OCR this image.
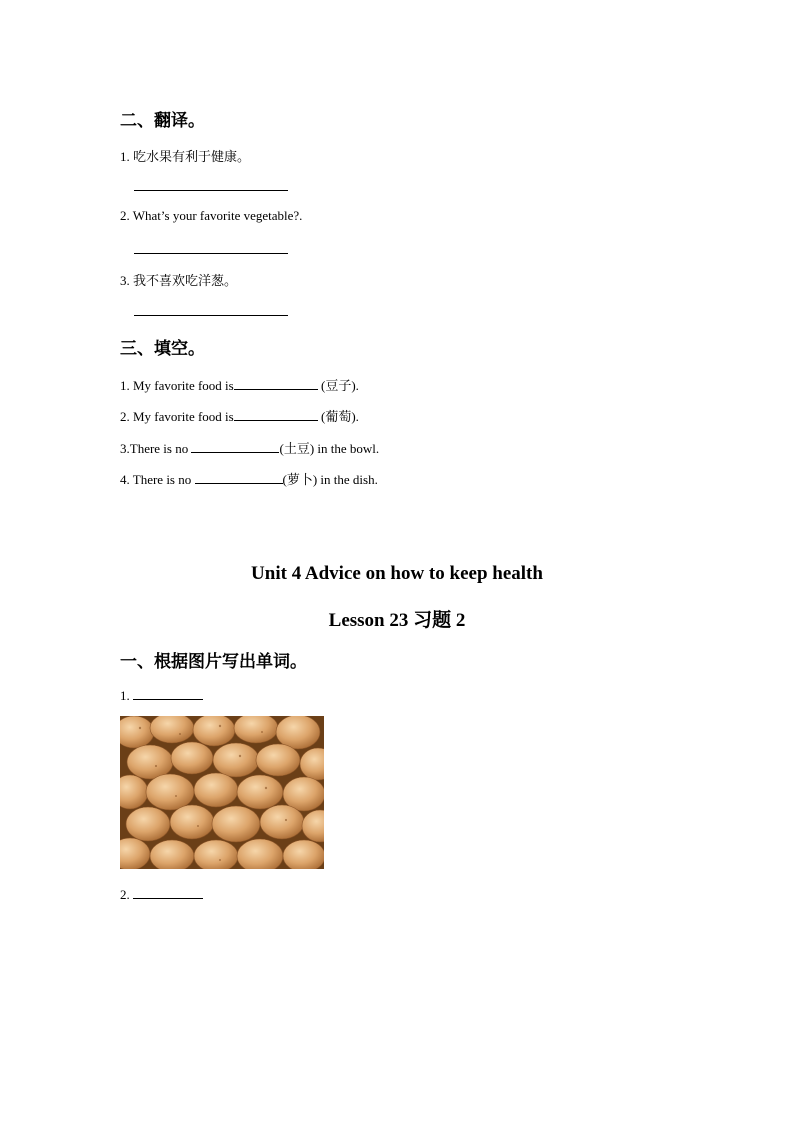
二、翻译。
1. 吃水果有利于健康。
2. What’s your favorite vegetable?.
3. 我不喜欢吃洋葱。
三、填空。
1. My favorite food is	(豆子).
2. My favorite food is	(葡萄).
3.There is no	(土豆) in the bowl.
4. There is no	(萝卜) in the dish.
Unit 4 Advice on how to keep health
Lesson 23 习题 2
一、根据图片写出单词。
1.
2.
